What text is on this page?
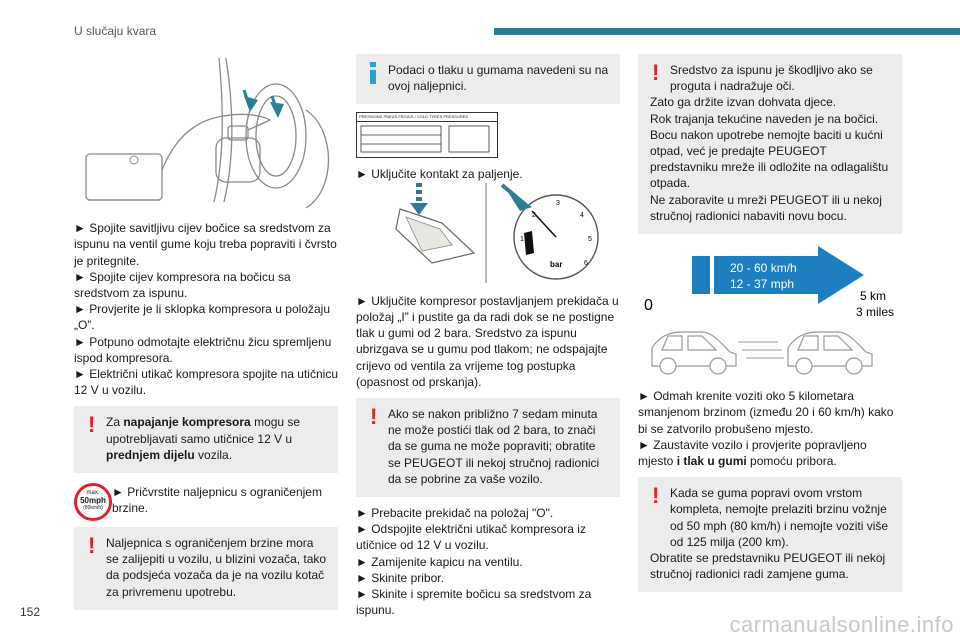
U slučaju kvara

► Spojite savitljivu cijev bočice sa sredstvom za ispunu na ventil gume koju treba popraviti i čvrsto je pritegnite.

► Spojite cijev kompresora na bočicu sa sredstvom za ispunu.

► Provjerite je li sklopka kompresora u položaju „O”.

► Potpuno odmotajte električnu žicu spremljenu ispod kompresora.

► Električni utikač kompresora spojite na utičnicu 12 V u vozilu.

! Za napajanje kompresora mogu se upotrebljavati samo utičnice 12 V u prednjem dijelu vozila.

max.
50mph
(80km/h)

► Pričvrstite naljepnicu s ograničenjem brzine.

! Naljepnica s ograničenjem brzine mora se zalijepiti u vozilu, u blizini vozača, tako da podsjeća vozača da je na vozilu kotač za privremenu upotrebu.

Podaci o tlaku u gumama navedeni su na ovoj naljepnici.

PRESSIONS PNEUS FROIDS / COLD TYRES PRESSURES

► Uključite kontakt za paljenje.

1
2
3
4
5
6
bar

► Uključite kompresor postavljanjem prekidača u položaj „I” i pustite ga da radi dok se ne postigne tlak u gumi od 2 bara. Sredstvo za ispunu ubrizgava se u gumu pod tlakom; ne odspajajte crijevo od ventila za vrijeme tog postupka (opasnost od prskanja).

! Ako se nakon približno 7 sedam minuta ne može postići tlak od 2 bara, to znači da se guma ne može popraviti; obratite se PEUGEOT ili nekoj stručnoj radionici da se pobrine za vaše vozilo.

► Prebacite prekidač na položaj "O".

► Odspojite električni utikač kompresora iz utičnice od 12 V u vozilu.

► Zamijenite kapicu na ventilu.

► Skinite pribor.

► Skinite i spremite bočicu sa sredstvom za ispunu.

! Sredstvo za ispunu je škodljivo ako se proguta i nadražuje oči.

Zato ga držite izvan dohvata djece.

Rok trajanja tekućine naveden je na bočici.

Bocu nakon upotrebe nemojte baciti u kućni otpad, već je predajte PEUGEOT predstavniku mreže ili odložite na odlagalištu otpada.

Ne zaboravite u mreži PEUGEOT ili u nekoj stručnoj radionici nabaviti novu bocu.

20 - 60 km/h
12 - 37 mph
0
5 km
3 miles

► Odmah krenite voziti oko 5 kilometara smanjenom brzinom (između 20 i 60 km/h) kako bi se zatvorilo probušeno mjesto.

► Zaustavite vozilo i provjerite popravljeno mjesto i tlak u gumi pomoću pribora.

! Kada se guma popravi ovom vrstom kompleta, nemojte prelaziti brzinu vožnje od 50 mph (80 km/h) i nemojte voziti više od 125 milja (200 km).

Obratite se predstavniku PEUGEOT ili nekoj stručnoj radionici radi zamjene guma.

152	carmanualsonline.info
